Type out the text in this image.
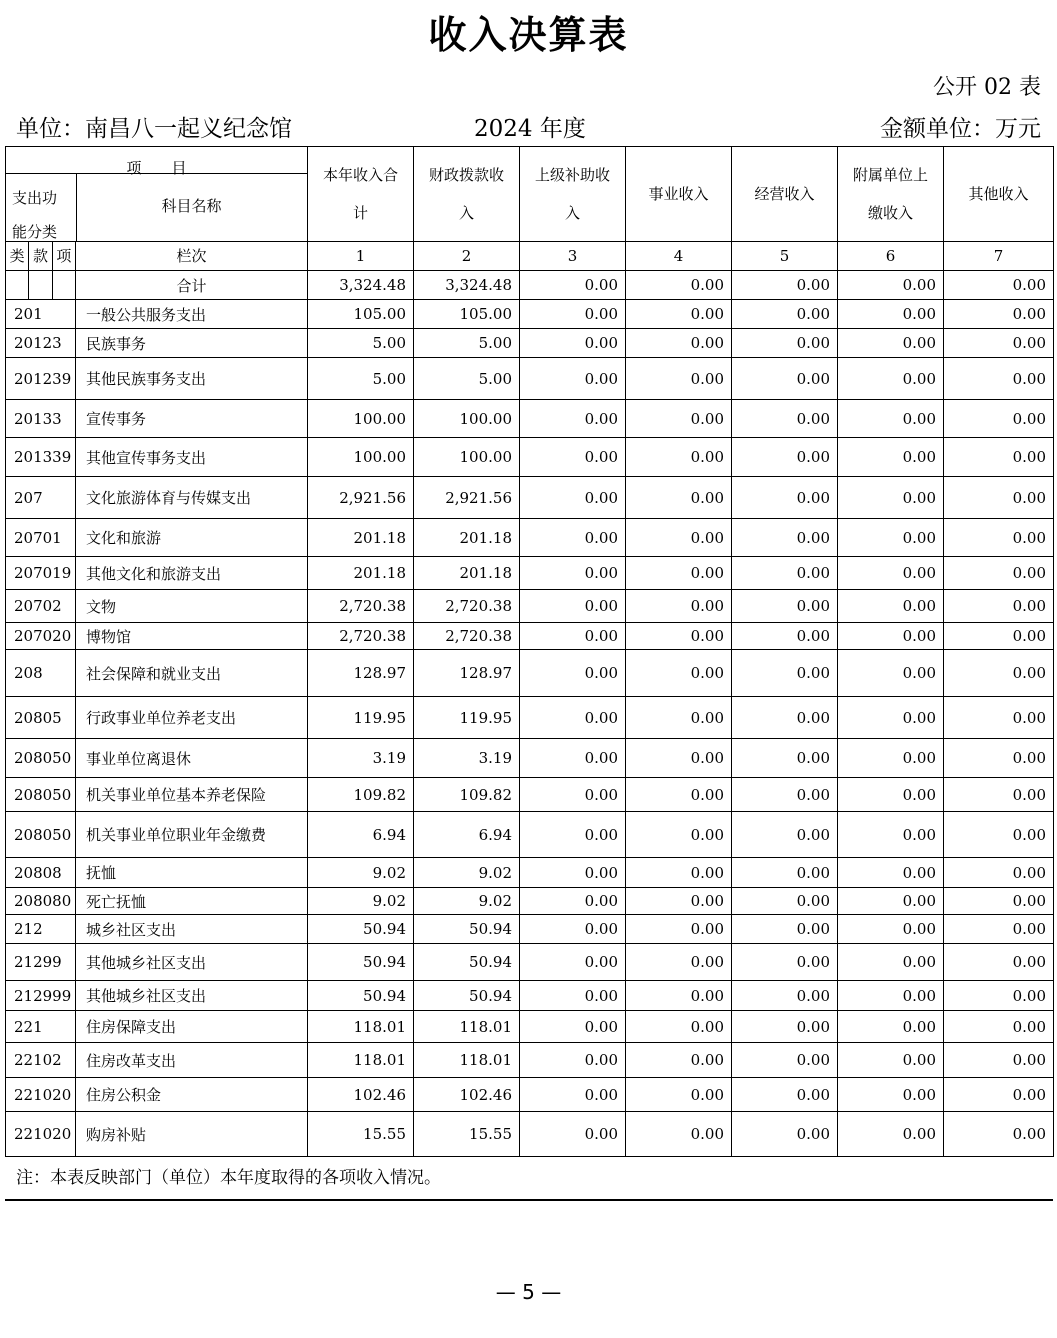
收入决算表
公开 02 表
单位：南昌八一起义纪念馆	2024 年度	金额单位：万元
项　　目
支出功能分类
科目名称		本年收入合计	财政拨款收入	上级补助收入	事业收入	经营收入	附属单位上缴收入	其他收入

类 款 项	栏次	1	2	3	4	5	6	7

	合计	3,324.48	3,324.48	0.00	0.00	0.00	0.00	0.00
201	一般公共服务支出	105.00	105.00	0.00	0.00	0.00	0.00	0.00
20123	民族事务	5.00	5.00	0.00	0.00	0.00	0.00	0.00
201239	其他民族事务支出	5.00	5.00	0.00	0.00	0.00	0.00	0.00
20133	宣传事务	100.00	100.00	0.00	0.00	0.00	0.00	0.00
201339	其他宣传事务支出	100.00	100.00	0.00	0.00	0.00	0.00	0.00
207	文化旅游体育与传媒支出	2,921.56	2,921.56	0.00	0.00	0.00	0.00	0.00
20701	文化和旅游	201.18	201.18	0.00	0.00	0.00	0.00	0.00
207019	其他文化和旅游支出	201.18	201.18	0.00	0.00	0.00	0.00	0.00
20702	文物	2,720.38	2,720.38	0.00	0.00	0.00	0.00	0.00
207020	博物馆	2,720.38	2,720.38	0.00	0.00	0.00	0.00	0.00
208	社会保障和就业支出	128.97	128.97	0.00	0.00	0.00	0.00	0.00
20805	行政事业单位养老支出	119.95	119.95	0.00	0.00	0.00	0.00	0.00
208050	事业单位离退休	3.19	3.19	0.00	0.00	0.00	0.00	0.00
208050	机关事业单位基本养老保险	109.82	109.82	0.00	0.00	0.00	0.00	0.00
208050	机关事业单位职业年金缴费	6.94	6.94	0.00	0.00	0.00	0.00	0.00
20808	抚恤	9.02	9.02	0.00	0.00	0.00	0.00	0.00
208080	死亡抚恤	9.02	9.02	0.00	0.00	0.00	0.00	0.00
212	城乡社区支出	50.94	50.94	0.00	0.00	0.00	0.00	0.00
21299	其他城乡社区支出	50.94	50.94	0.00	0.00	0.00	0.00	0.00
212999	其他城乡社区支出	50.94	50.94	0.00	0.00	0.00	0.00	0.00
221	住房保障支出	118.01	118.01	0.00	0.00	0.00	0.00	0.00
22102	住房改革支出	118.01	118.01	0.00	0.00	0.00	0.00	0.00
221020	住房公积金	102.46	102.46	0.00	0.00	0.00	0.00	0.00
221020	购房补贴	15.55	15.55	0.00	0.00	0.00	0.00	0.00
注：本表反映部门（单位）本年度取得的各项收入情况。
— 5 —
